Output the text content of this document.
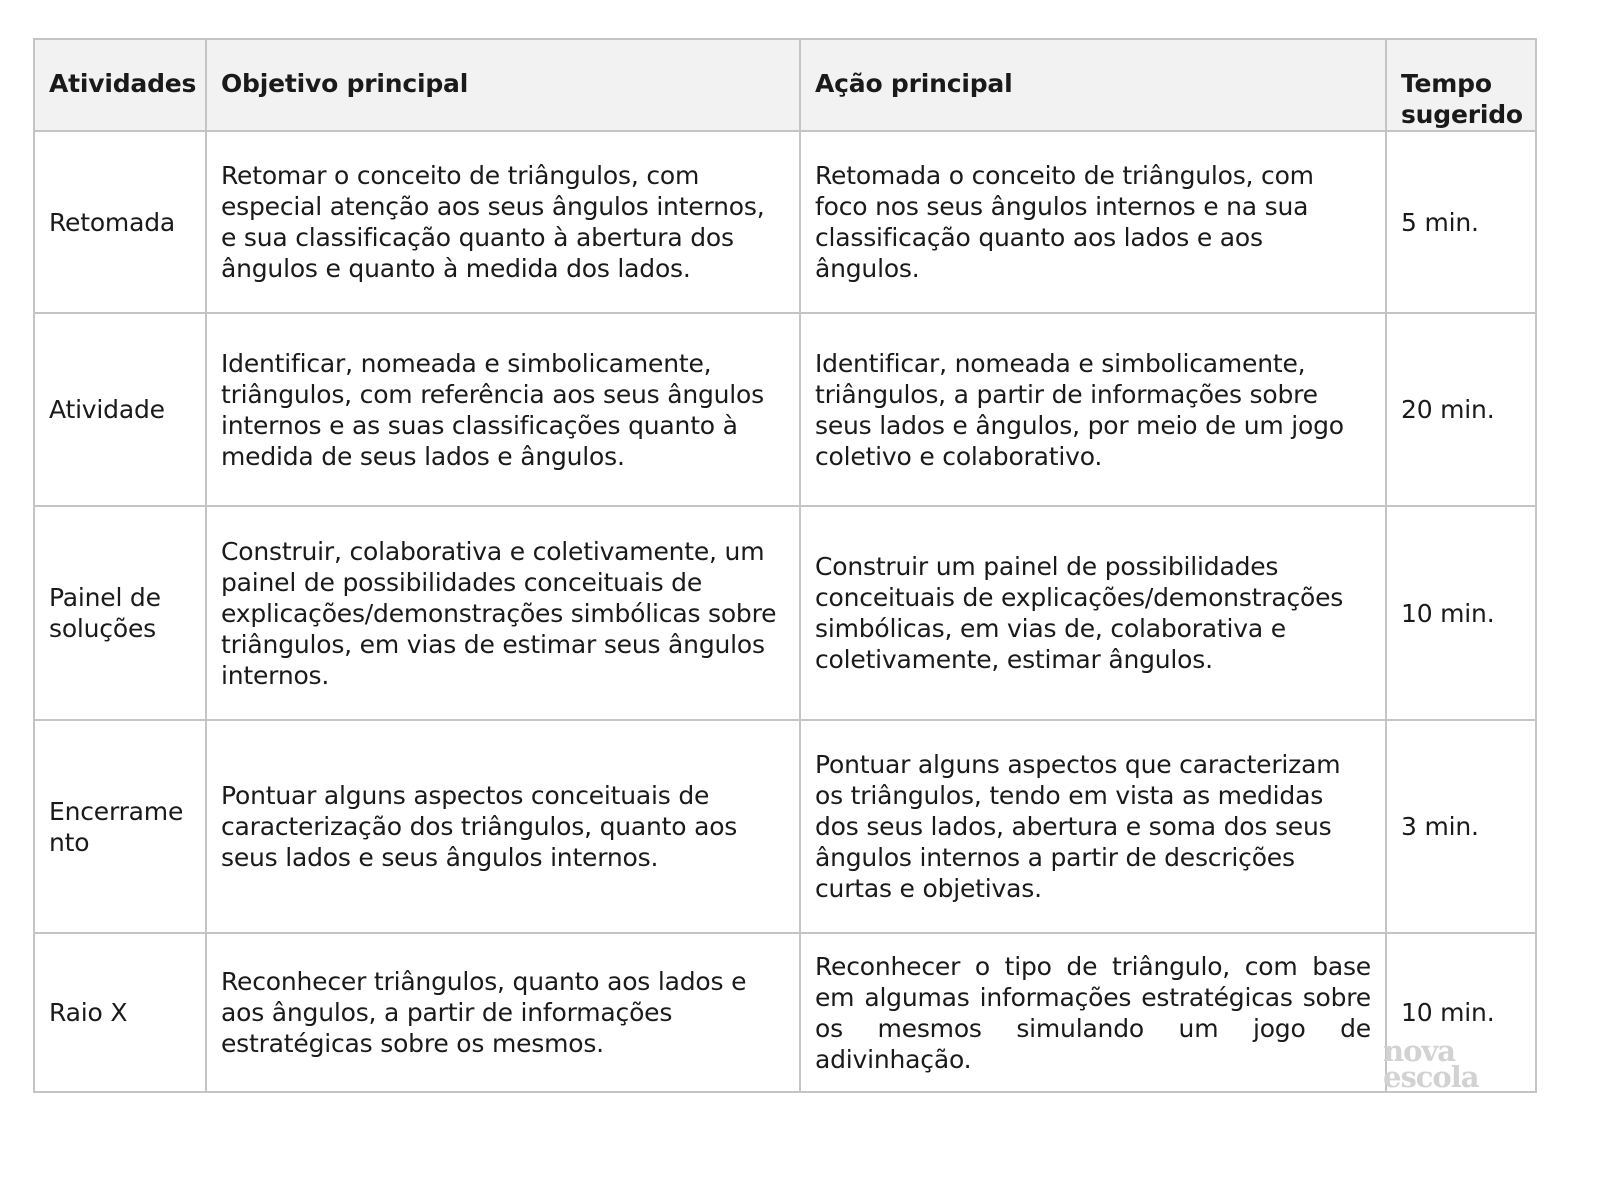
Atividades	Objetivo principal	Ação principal	Tempo sugerido
Retomada	Retomar o conceito de triângulos, com especial atenção aos seus ângulos internos, e sua classificação quanto à abertura dos ângulos e quanto à medida dos lados.	Retomada o conceito de triângulos, com foco nos seus ângulos internos e na sua classificação quanto aos lados e aos ângulos.	5 min.
Atividade	Identificar, nomeada e simbolicamente, triângulos, com referência aos seus ângulos internos e as suas classificações quanto à medida de seus lados e ângulos.	Identificar, nomeada e simbolicamente, triângulos, a partir de informações sobre seus lados e ângulos, por meio de um jogo coletivo e colaborativo.	20 min.
Painel de soluções	Construir, colaborativa e coletivamente, um painel de possibilidades conceituais de explicações/demonstrações simbólicas sobre triângulos, em vias de estimar seus ângulos internos.	Construir um painel de possibilidades conceituais de explicações/demonstrações simbólicas, em vias de, colaborativa e coletivamente, estimar ângulos.	10 min.
Encerramento	Pontuar alguns aspectos conceituais de caracterização dos triângulos, quanto aos seus lados e seus ângulos internos.	Pontuar alguns aspectos que caracterizam os triângulos, tendo em vista as medidas dos seus lados, abertura e soma dos seus ângulos internos a partir de descrições curtas e objetivas.	3 min.
Raio X	Reconhecer triângulos, quanto aos lados e aos ângulos, a partir de informações estratégicas sobre os mesmos.	Reconhecer o tipo de triângulo, com base em algumas informações estratégicas sobre os mesmos simulando um jogo de adivinhação.	10 min.
nova
escola
